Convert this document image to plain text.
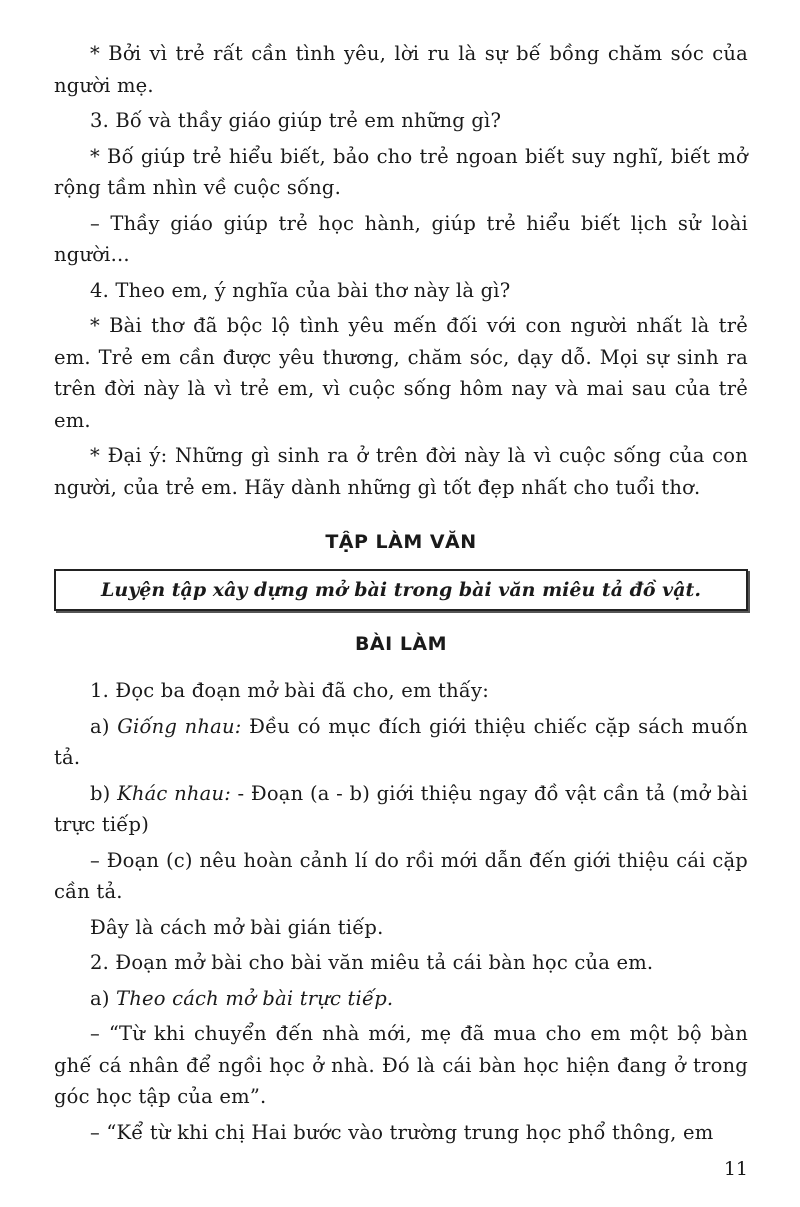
* Bởi vì trẻ rất cần tình yêu, lời ru là sự bế bồng chăm sóc của người mẹ.

3. Bố và thầy giáo giúp trẻ em những gì?

* Bố giúp trẻ hiểu biết, bảo cho trẻ ngoan biết suy nghĩ, biết mở rộng tầm nhìn về cuộc sống.

– Thầy giáo giúp trẻ học hành, giúp trẻ hiểu biết lịch sử loài người...

4. Theo em, ý nghĩa của bài thơ này là gì?

* Bài thơ đã bộc lộ tình yêu mến đối với con người nhất là trẻ em. Trẻ em cần được yêu thương, chăm sóc, dạy dỗ. Mọi sự sinh ra trên đời này là vì trẻ em, vì cuộc sống hôm nay và mai sau của trẻ em.

* Đại ý: Những gì sinh ra ở trên đời này là vì cuộc sống của con người, của trẻ em. Hãy dành những gì tốt đẹp nhất cho tuổi thơ.

TẬP LÀM VĂN
Luyện tập xây dựng mở bài trong bài văn miêu tả đồ vật.
BÀI LÀM

1. Đọc ba đoạn mở bài đã cho, em thấy:

a) Giống nhau: Đều có mục đích giới thiệu chiếc cặp sách muốn tả.

b) Khác nhau: - Đoạn (a - b) giới thiệu ngay đồ vật cần tả (mở bài trực tiếp)

– Đoạn (c) nêu hoàn cảnh lí do rồi mới dẫn đến giới thiệu cái cặp cần tả.

Đây là cách mở bài gián tiếp.

2. Đoạn mở bài cho bài văn miêu tả cái bàn học của em.

a) Theo cách mở bài trực tiếp.

– “Từ khi chuyển đến nhà mới, mẹ đã mua cho em một bộ bàn ghế cá nhân để ngồi học ở nhà. Đó là cái bàn học hiện đang ở trong góc học tập của em”.

– “Kể từ khi chị Hai bước vào trường trung học phổ thông, em

11
